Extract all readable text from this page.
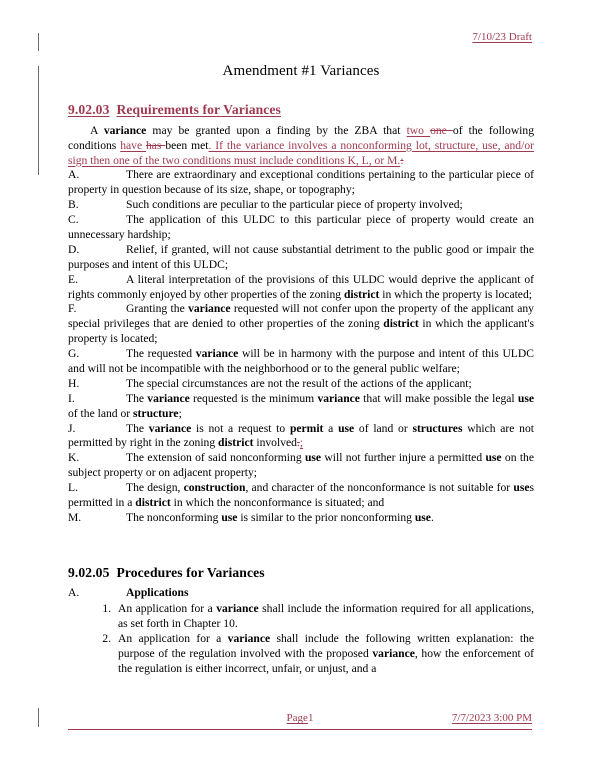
7/10/23 Draft
Amendment #1 Variances
9.02.03 Requirements for Variances

A variance may be granted upon a finding by the ZBA that two one of the following conditions have has been met. If the variance involves a nonconforming lot, structure, use, and/or sign then one of the two conditions must include conditions K, L, or M.:

A.	There are extraordinary and exceptional conditions pertaining to the particular piece of property in question because of its size, shape, or topography;

B.	Such conditions are peculiar to the particular piece of property involved;

C.	The application of this ULDC to this particular piece of property would create an unnecessary hardship;

D.	Relief, if granted, will not cause substantial detriment to the public good or impair the purposes and intent of this ULDC;

E.	A literal interpretation of the provisions of this ULDC would deprive the applicant of rights commonly enjoyed by other properties of the zoning district in which the property is located;

F.	Granting the variance requested will not confer upon the property of the applicant any special privileges that are denied to other properties of the zoning district in which the applicant's property is located;

G.	The requested variance will be in harmony with the purpose and intent of this ULDC and will not be incompatible with the neighborhood or to the general public welfare;

H.	The special circumstances are not the result of the actions of the applicant;

I.	The variance requested is the minimum variance that will make possible the legal use of the land or structure;

J.	The variance is not a request to permit a use of land or structures which are not permitted by right in the zoning district involved.;

K.	The extension of said nonconforming use will not further injure a permitted use on the subject property or on adjacent property;

L.	The design, construction, and character of the nonconformance is not suitable for uses permitted in a district in which the nonconformance is situated; and

M.	The nonconforming use is similar to the prior nonconforming use.

9.02.05 Procedures for Variances

A.	Applications

1. An application for a variance shall include the information required for all applications, as set forth in Chapter 10.
2. An application for a variance shall include the following written explanation: the purpose of the regulation involved with the proposed variance, how the enforcement of the regulation is either incorrect, unfair, or unjust, and a
Page1	7/7/2023 3:00 PM
